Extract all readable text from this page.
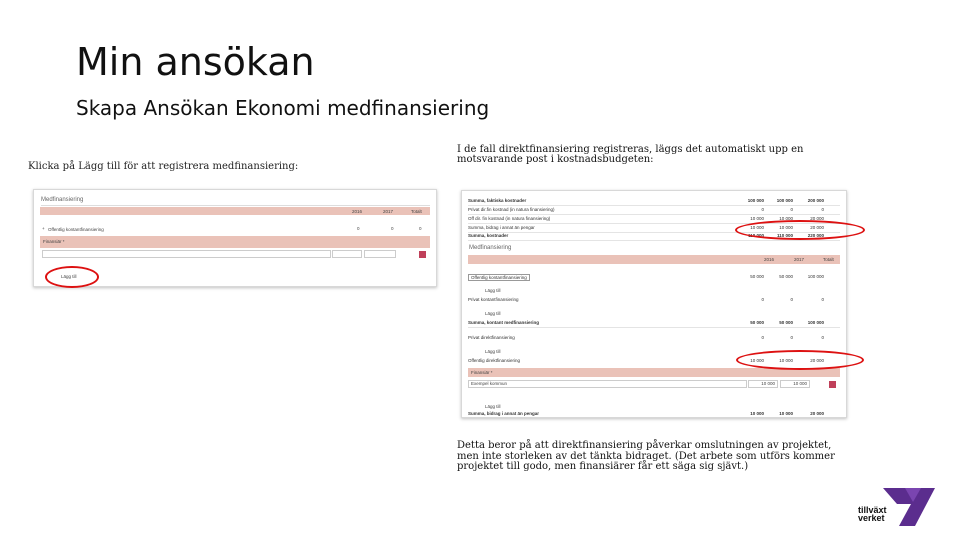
Min ansökan
Skapa Ansökan Ekonomi medfinansiering
Klicka på Lägg till för att registrera medfinansiering:
Medfinansiering
2016	2017	Totalt
+ Offentlig kontantfinansiering	0	0	0
Finansiär *
Lägg till
I de fall direktfinansiering registreras, läggs det automatiskt upp en motsvarande post i kostnadsbudgeten:
Summa, faktiska kostnader	100 000	100 000	200 000
Privat dir.fin kostnad (in natura finansiering)	0	0	0
Off dir. fin kostnad (in natura finansiering)	10 000	10 000	20 000
Summa, bidrag i annat än pengar	10 000	10 000	20 000
Summa, kostnader	110 000	110 000	220 000
Medfinansiering
2016	2017	Totalt
Offentlig kontantfinansiering	50 000	50 000	100 000
Lägg till
Privat kontantfinansiering	0	0	0
Lägg till
Summa, kontant medfinansiering	50 000	50 000	100 000
Privat direktfinansiering	0	0	0
Lägg till
Offentlig direktfinansiering	10 000	10 000	20 000
Finansiär *
Exempel kommun	10 000	10 000
Lägg till
Summa, bidrag i annat än pengar	10 000	10 000	20 000
Detta beror på att direktfinansiering påverkar omslutningen av projektet, men inte storleken av det tänkta bidraget. (Det arbete som utförs kommer projektet till godo, men finansiärer får ett säga sig sjävt.)
tillväxt
verket
